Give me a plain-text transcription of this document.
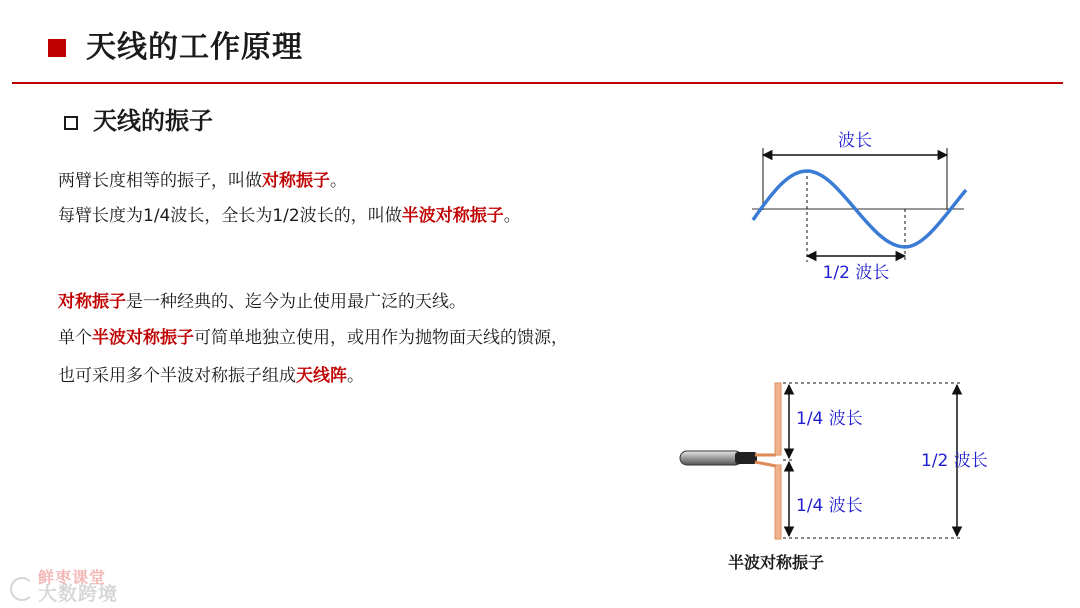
天线的工作原理
天线的振子
两臂长度相等的振子，叫做对称振子。
每臂长度为1/4波长，全长为1/2波长的，叫做半波对称振子。
对称振子是一种经典的、迄今为止使用最广泛的天线。
单个半波对称振子可简单地独立使用，或用作为抛物面天线的馈源，
也可采用多个半波对称振子组成天线阵。
波长
1/2 波长
1/4 波长
1/4 波长
1/2 波长
半波对称振子
鲜枣课堂
大数跨境
